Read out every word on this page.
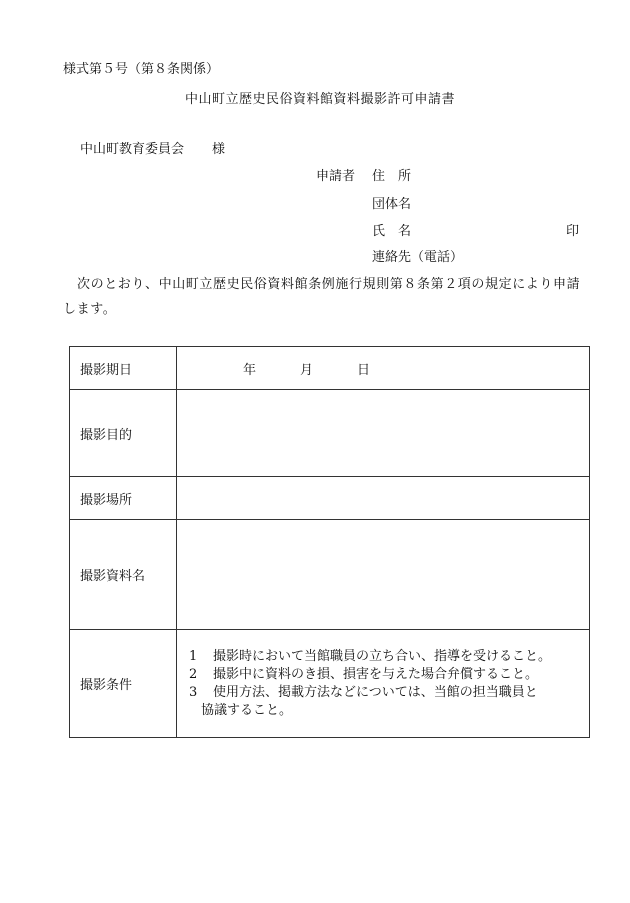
様式第５号（第８条関係）
中山町立歴史民俗資料館資料撮影許可申請書
中山町教育委員会 様
申請者 住　所
団体名
氏　名	印
連絡先（電話）
次のとおり、中山町立歴史民俗資料館条例施行規則第８条第２項の規定により申請します。
撮影期日	年 月 日
撮影目的	
撮影場所	
撮影資料名	
撮影条件	1 撮影時において当館職員の立ち合い、指導を受けること。
2 撮影中に資料のき損、損害を与えた場合弁償すること。
3 使用方法、掲載方法などについては、当館の担当職員と
協議すること。
